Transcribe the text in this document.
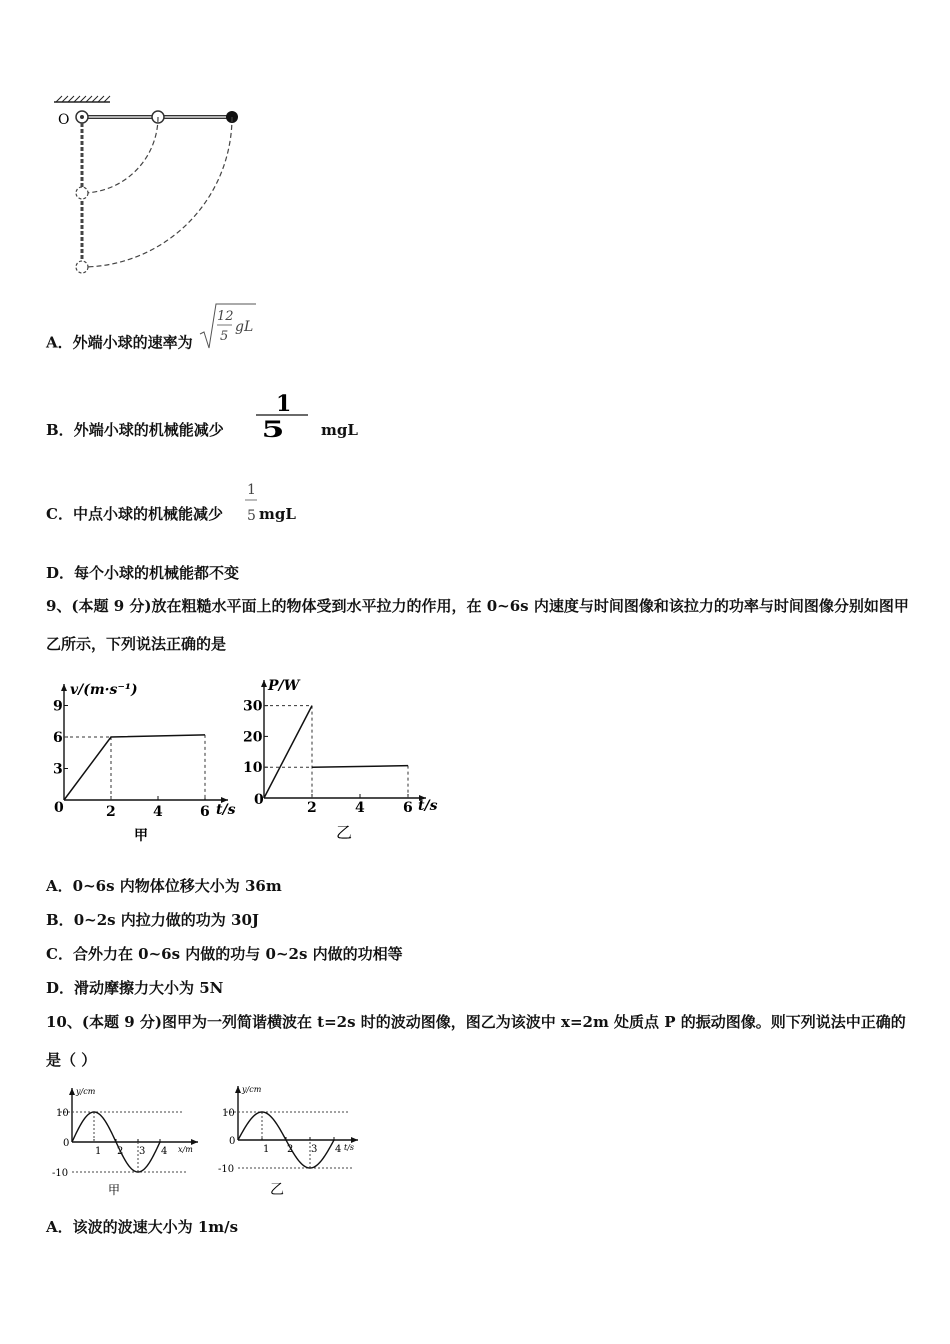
O
A．外端小球的速率为
12
5
gL
B．外端小球的机械能减少
1
5 mgL
C．中点小球的机械能减少
1
5 mgL
D．每个小球的机械能都不变
9、(本题 9 分)放在粗糙水平面上的物体受到水平拉力的作用，在 0~6s 内速度与时间图像和该拉力的功率与时间图像分别如图甲乙所示，下列说法正确的是
v/(m·s⁻¹)
t/s
0
3
6
9
2	4	6
甲
P/W
t/s
0
10
20
30
2	4	6
乙
A．0~6s 内物体位移大小为 36m
B．0~2s 内拉力做的功为 30J
C．合外力在 0~6s 内做的功与 0~2s 内做的功相等
D．滑动摩擦力大小为 5N
10、(本题 9 分)图甲为一列简谐横波在 t=2s 时的波动图像，图乙为该波中 x=2m 处质点 P 的振动图像。则下列说法中正确的是（ ）
y/cm
x/m
10
0
-10
1 2 3 4
甲
y/cm
t/s
10
0
-10
1 2 3 4
乙
A．该波的波速大小为 1m/s
